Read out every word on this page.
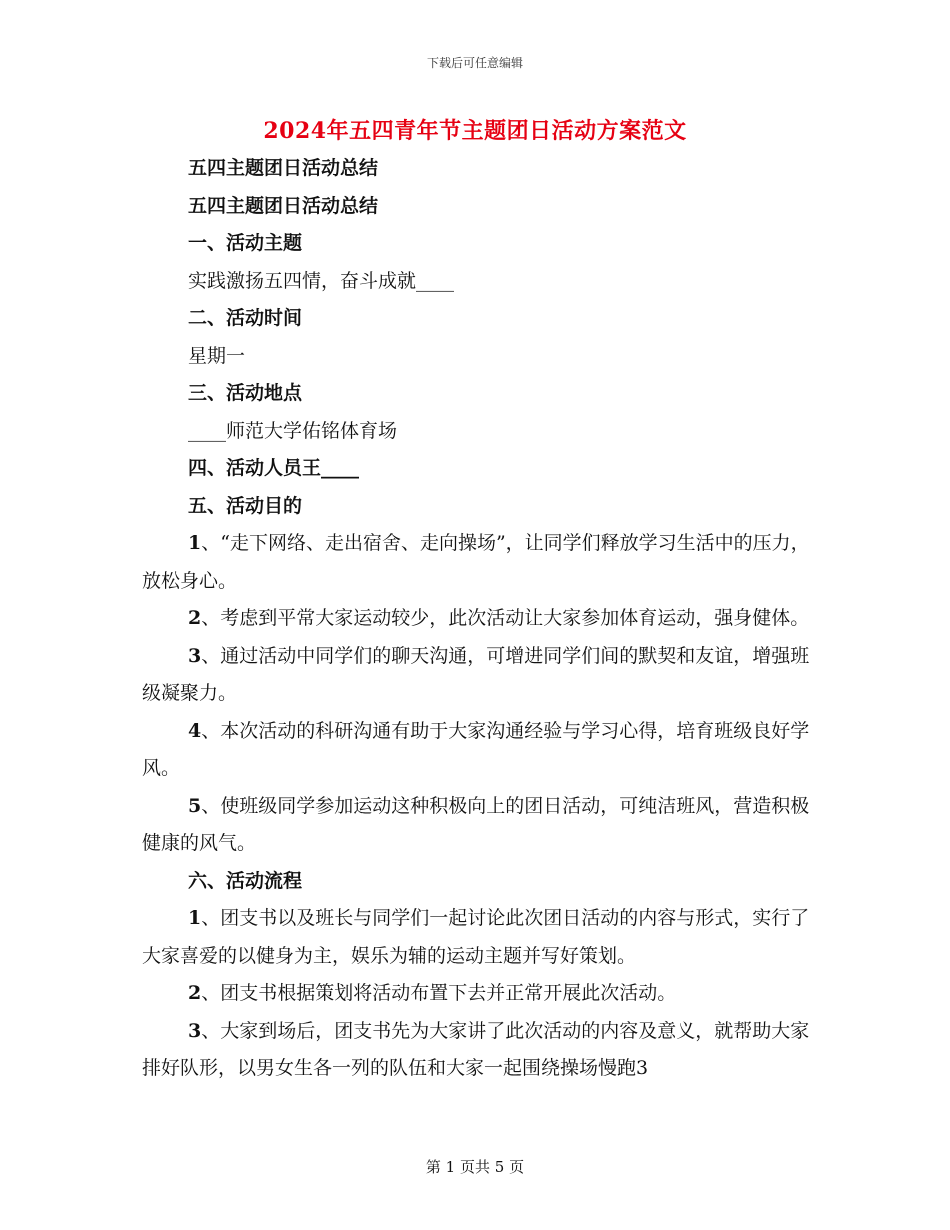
下载后可任意编辑
2024年五四青年节主题团日活动方案范文

五四主题团日活动总结

五四主题团日活动总结

一、活动主题

实践激扬五四情，奋斗成就____

二、活动时间

星期一

三、活动地点

____师范大学佑铭体育场

四、活动人员王____

五、活动目的

1、“走下网络、走出宿舍、走向操场”，让同学们释放学习生活中的压力，放松身心。

2、考虑到平常大家运动较少，此次活动让大家参加体育运动，强身健体。

3、通过活动中同学们的聊天沟通，可增进同学们间的默契和友谊，增强班级凝聚力。

4、本次活动的科研沟通有助于大家沟通经验与学习心得，培育班级良好学风。

5、使班级同学参加运动这种积极向上的团日活动，可纯洁班风，营造积极健康的风气。

六、活动流程

1、团支书以及班长与同学们一起讨论此次团日活动的内容与形式，实行了大家喜爱的以健身为主，娱乐为辅的运动主题并写好策划。

2、团支书根据策划将活动布置下去并正常开展此次活动。

3、大家到场后，团支书先为大家讲了此次活动的内容及意义，就帮助大家排好队形，以男女生各一列的队伍和大家一起围绕操场慢跑3

第 1 页共 5 页
